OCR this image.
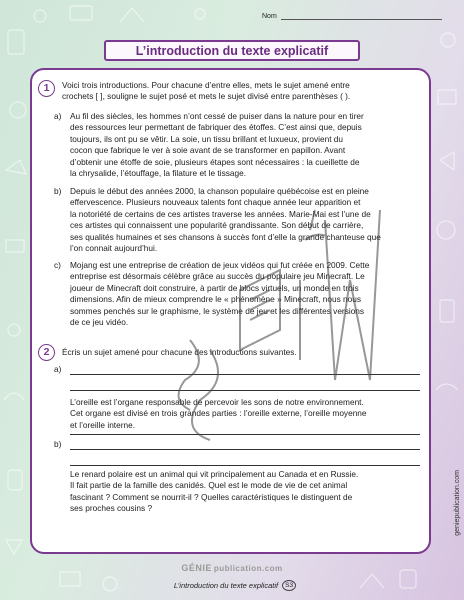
Nom
L’introduction du texte explicatif
1	Voici trois introductions. Pour chacune d’entre elles, mets le sujet amené entre
crochets [ ], souligne le sujet posé et mets le sujet divisé entre parenthèses ( ).
a) Au fil des siècles, les hommes n’ont cessé de puiser dans la nature pour en tirer
des ressources leur permettant de fabriquer des étoffes. C’est ainsi que, depuis
toujours, ils ont pu se vêtir. La soie, un tissu brillant et luxueux, provient du
cocon que fabrique le ver à soie avant de se transformer en papillon. Avant
d’obtenir une étoffe de soie, plusieurs étapes sont nécessaires : la cueillette de
la chrysalide, l’étouffage, la filature et le tissage.
b) Depuis le début des années 2000, la chanson populaire québécoise est en pleine
effervescence. Plusieurs nouveaux talents font chaque année leur apparition et
la notoriété de certains de ces artistes traverse les années. Marie-Mai est l’une de
ces artistes qui connaissent une popularité grandissante. Son début de carrière,
ses qualités humaines et ses chansons à succès font d’elle la grande chanteuse que
l’on connait aujourd’hui.
c) Mojang est une entreprise de création de jeux vidéos qui fut créée en 2009. Cette
entreprise est désormais célèbre grâce au succès du populaire jeu Minecraft. Le
joueur de Minecraft doit construire, à partir de blocs virtuels, un monde en trois
dimensions. Afin de mieux comprendre le « phénomène » Minecraft, nous nous
sommes penchés sur le graphisme, le système de jeu et les différentes versions
de ce jeu vidéo.
2	Écris un sujet amené pour chacune des introductions suivantes.
a)
L’oreille est l’organe responsable de percevoir les sons de notre environnement.
Cet organe est divisé en trois grandes parties : l’oreille externe, l’oreille moyenne
et l’oreille interne.
b)
Le renard polaire est un animal qui vit principalement au Canada et en Russie.
Il fait partie de la famille des canidés. Quel est le mode de vie de cet animal
fascinant ? Comment se nourrit-il ? Quelles caractéristiques le distinguent de
ses proches cousins ?	geniepublication.com
GÉNIE publication.com
L’introduction du texte explicatif	S3
